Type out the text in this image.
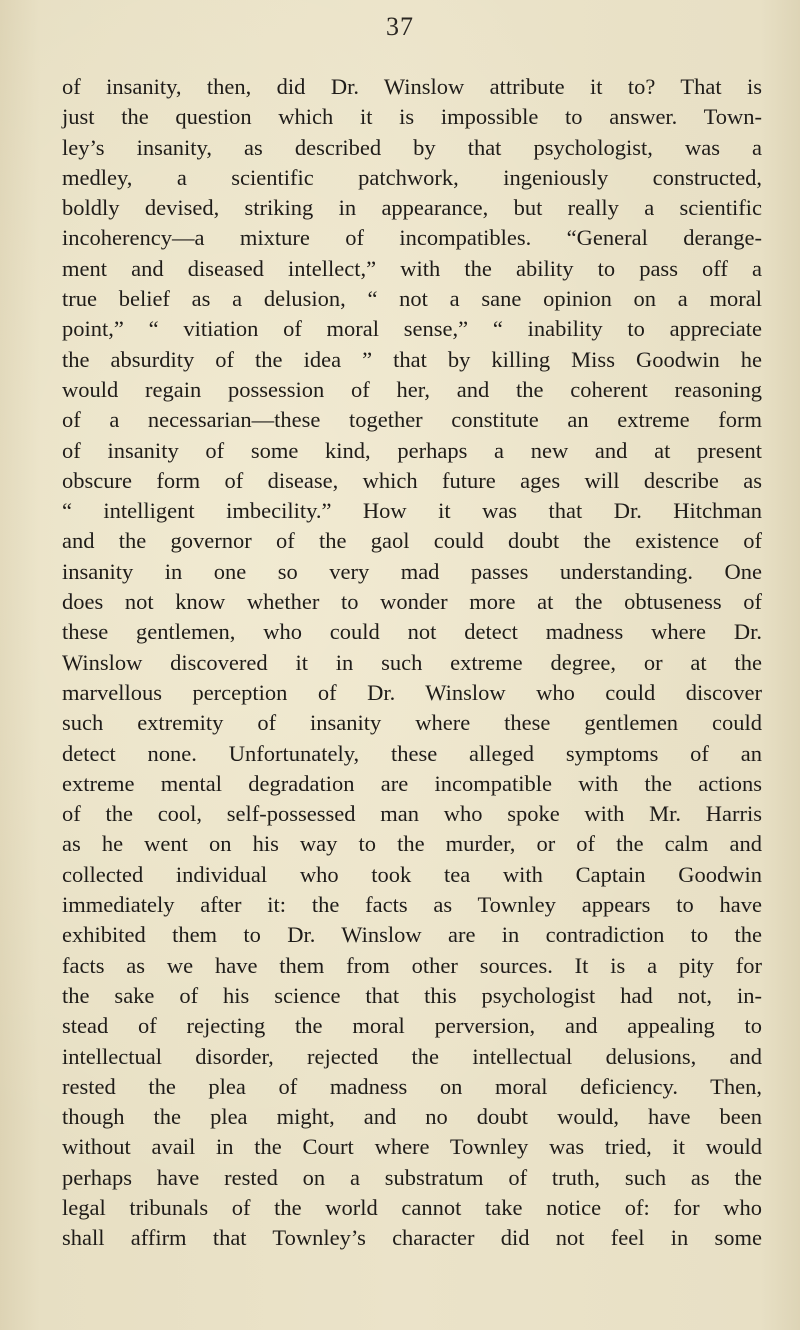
37
of insanity, then, did Dr. Winslow attribute it to? That is
just the question which it is impossible to answer. Town-
ley’s insanity, as described by that psychologist, was a
medley, a scientific patchwork, ingeniously constructed,
boldly devised, striking in appearance, but really a scientific
incoherency—a mixture of incompatibles. “General derange-
ment and diseased intellect,” with the ability to pass off a
true belief as a delusion, “ not a sane opinion on a moral
point,” “ vitiation of moral sense,” “ inability to appreciate
the absurdity of the idea ” that by killing Miss Goodwin he
would regain possession of her, and the coherent reasoning
of a necessarian—these together constitute an extreme form
of insanity of some kind, perhaps a new and at present
obscure form of disease, which future ages will describe as
“ intelligent imbecility.” How it was that Dr. Hitchman
and the governor of the gaol could doubt the existence of
insanity in one so very mad passes understanding. One
does not know whether to wonder more at the obtuseness of
these gentlemen, who could not detect madness where Dr.
Winslow discovered it in such extreme degree, or at the
marvellous perception of Dr. Winslow who could discover
such extremity of insanity where these gentlemen could
detect none. Unfortunately, these alleged symptoms of an
extreme mental degradation are incompatible with the actions
of the cool, self-possessed man who spoke with Mr. Harris
as he went on his way to the murder, or of the calm and
collected individual who took tea with Captain Goodwin
immediately after it: the facts as Townley appears to have
exhibited them to Dr. Winslow are in contradiction to the
facts as we have them from other sources. It is a pity for
the sake of his science that this psychologist had not, in-
stead of rejecting the moral perversion, and appealing to
intellectual disorder, rejected the intellectual delusions, and
rested the plea of madness on moral deficiency. Then,
though the plea might, and no doubt would, have been
without avail in the Court where Townley was tried, it would
perhaps have rested on a substratum of truth, such as the
legal tribunals of the world cannot take notice of: for who
shall affirm that Townley’s character did not feel in some
